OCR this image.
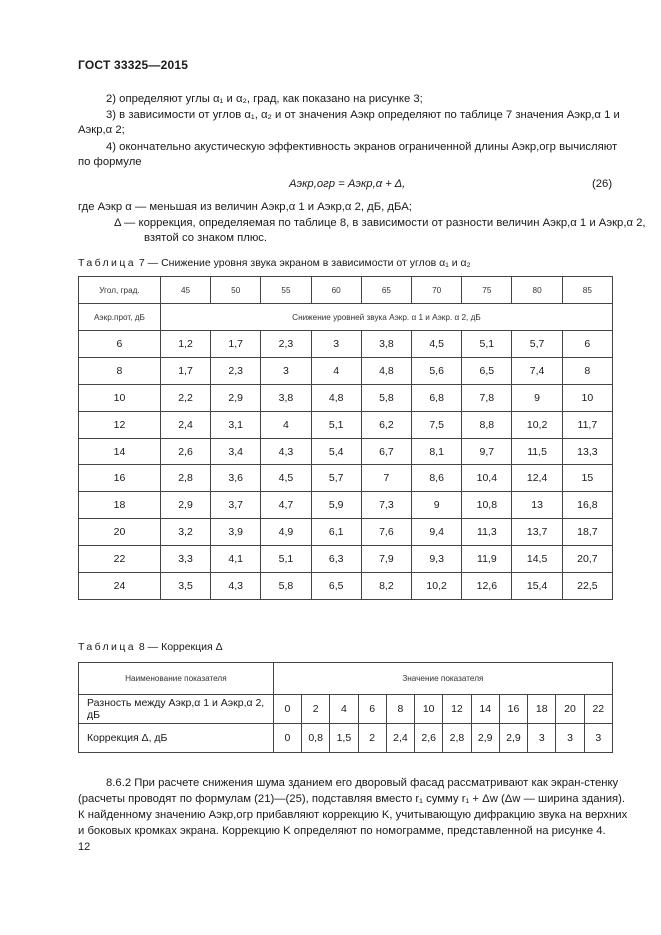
ГОСТ 33325—2015
2) определяют углы α₁ и α₂, град, как показано на рисунке 3;
3) в зависимости от углов α₁, α₂ и от значения Aэкр определяют по таблице 7 значения Aэкр,α 1 и
Aэкр,α 2;
4) окончательно акустическую эффективность экранов ограниченной длины Aэкр,огр вычисляют
по формуле
Aэкр,огр = Aэкр,α + Δ,	(26)
где Aэкр α — меньшая из величин Aэкр,α 1 и Aэкр,α 2, дБ, дБА;
Δ — коррекция, определяемая по таблице 8, в зависимости от разности величин Aэкр,α 1 и Aэкр,α 2,
взятой со знаком плюс.
Таблица 7 — Снижение уровня звука экраном в зависимости от углов α₁ и α₂
Угол, град.	45	50	55	60	65	70	75	80	85
Aэкр.прот, дБ	Снижение уровней звука Aэкр. α 1 и Aэкр. α 2, дБ								
6	1,2	1,7	2,3	3	3,8	4,5	5,1	5,7	6
8	1,7	2,3	3	4	4,8	5,6	6,5	7,4	8
10	2,2	2,9	3,8	4,8	5,8	6,8	7,8	9	10
12	2,4	3,1	4	5,1	6,2	7,5	8,8	10,2	11,7
14	2,6	3,4	4,3	5,4	6,7	8,1	9,7	11,5	13,3
16	2,8	3,6	4,5	5,7	7	8,6	10,4	12,4	15
18	2,9	3,7	4,7	5,9	7,3	9	10,8	13	16,8
20	3,2	3,9	4,9	6,1	7,6	9,4	11,3	13,7	18,7
22	3,3	4,1	5,1	6,3	7,9	9,3	11,9	14,5	20,7
24	3,5	4,3	5,8	6,5	8,2	10,2	12,6	15,4	22,5
Таблица 8 — Коррекция Δ
Наименование показателя	Значение показателя											
Разность между Aэкр,α 1 и Aэкр,α 2, дБ	0	2	4	6	8	10	12	14	16	18	20	22
Коррекция Δ, дБ	0	0,8	1,5	2	2,4	2,6	2,8	2,9	2,9	3	3	3
8.6.2 При расчете снижения шума зданием его дворовый фасад рассматривают как экран-стенку
(расчеты проводят по формулам (21)—(25), подставляя вместо r₁ сумму r₁ + Δw (Δw — ширина здания).
К найденному значению Aэкр,огр прибавляют коррекцию K, учитывающую дифракцию звука на верхних
и боковых кромках экрана. Коррекцию K определяют по номограмме, представленной на рисунке 4.
12
